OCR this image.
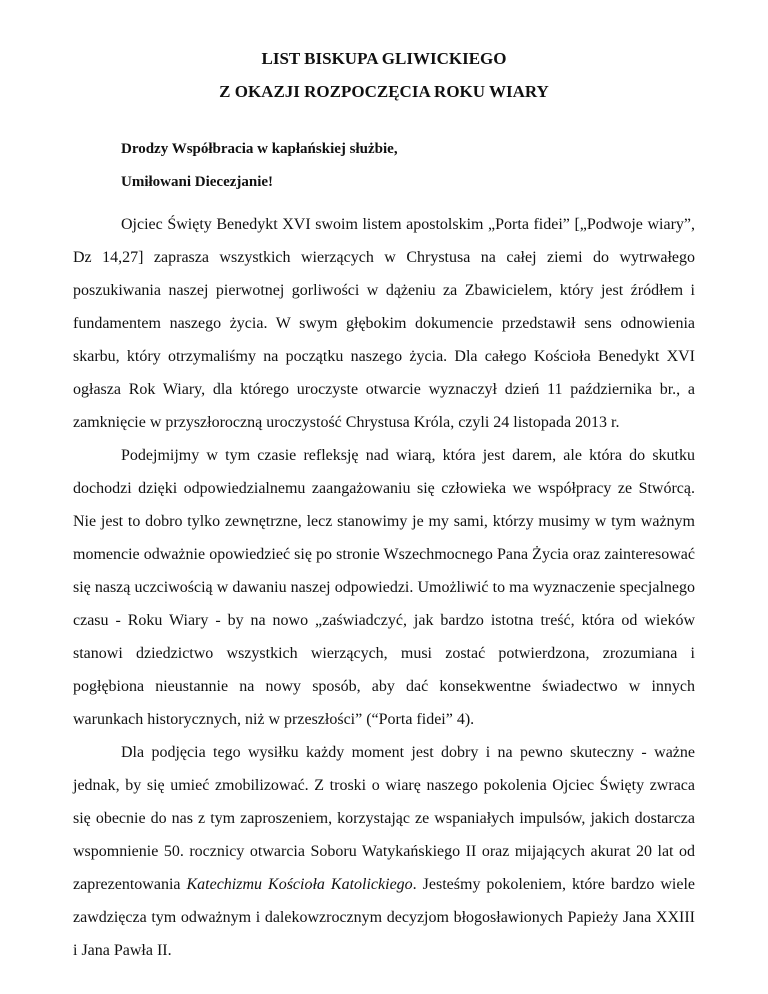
LIST BISKUPA GLIWICKIEGO

Z OKAZJI ROZPOCZĘCIA ROKU WIARY

Drodzy Współbracia w kapłańskiej służbie,

Umiłowani Diecezjanie!

Ojciec Święty Benedykt XVI swoim listem apostolskim „Porta fidei” [„Podwoje wiary”, Dz 14,27] zaprasza wszystkich wierzących w Chrystusa na całej ziemi do wytrwałego poszukiwania naszej pierwotnej gorliwości w dążeniu za Zbawicielem, który jest źródłem i fundamentem naszego życia. W swym głębokim dokumencie przedstawił sens odnowienia skarbu, który otrzymaliśmy na początku naszego życia. Dla całego Kościoła Benedykt XVI ogłasza Rok Wiary, dla którego uroczyste otwarcie wyznaczył dzień 11 października br., a zamknięcie w przyszłoroczną uroczystość Chrystusa Króla, czyli 24 listopada 2013 r.

Podejmijmy w tym czasie refleksję nad wiarą, która jest darem, ale która do skutku dochodzi dzięki odpowiedzialnemu zaangażowaniu się człowieka we współpracy ze Stwórcą. Nie jest to dobro tylko zewnętrzne, lecz stanowimy je my sami, którzy musimy w tym ważnym momencie odważnie opowiedzieć się po stronie Wszechmocnego Pana Życia oraz zainteresować się naszą uczciwością w dawaniu naszej odpowiedzi. Umożliwić to ma wyznaczenie specjalnego czasu - Roku Wiary - by na nowo „zaświadczyć, jak bardzo istotna treść, która od wieków stanowi dziedzictwo wszystkich wierzących, musi zostać potwierdzona, zrozumiana i pogłębiona nieustannie na nowy sposób, aby dać konsekwentne świadectwo w innych warunkach historycznych, niż w przeszłości” (“Porta fidei” 4).

Dla podjęcia tego wysiłku każdy moment jest dobry i na pewno skuteczny - ważne jednak, by się umieć zmobilizować. Z troski o wiarę naszego pokolenia Ojciec Święty zwraca się obecnie do nas z tym zaproszeniem, korzystając ze wspaniałych impulsów, jakich dostarcza wspomnienie 50. rocznicy otwarcia Soboru Watykańskiego II oraz mijających akurat 20 lat od zaprezentowania Katechizmu Kościoła Katolickiego. Jesteśmy pokoleniem, które bardzo wiele zawdzięcza tym odważnym i dalekowzrocznym decyzjom błogosławionych Papieży Jana XXIII i Jana Pawła II.
